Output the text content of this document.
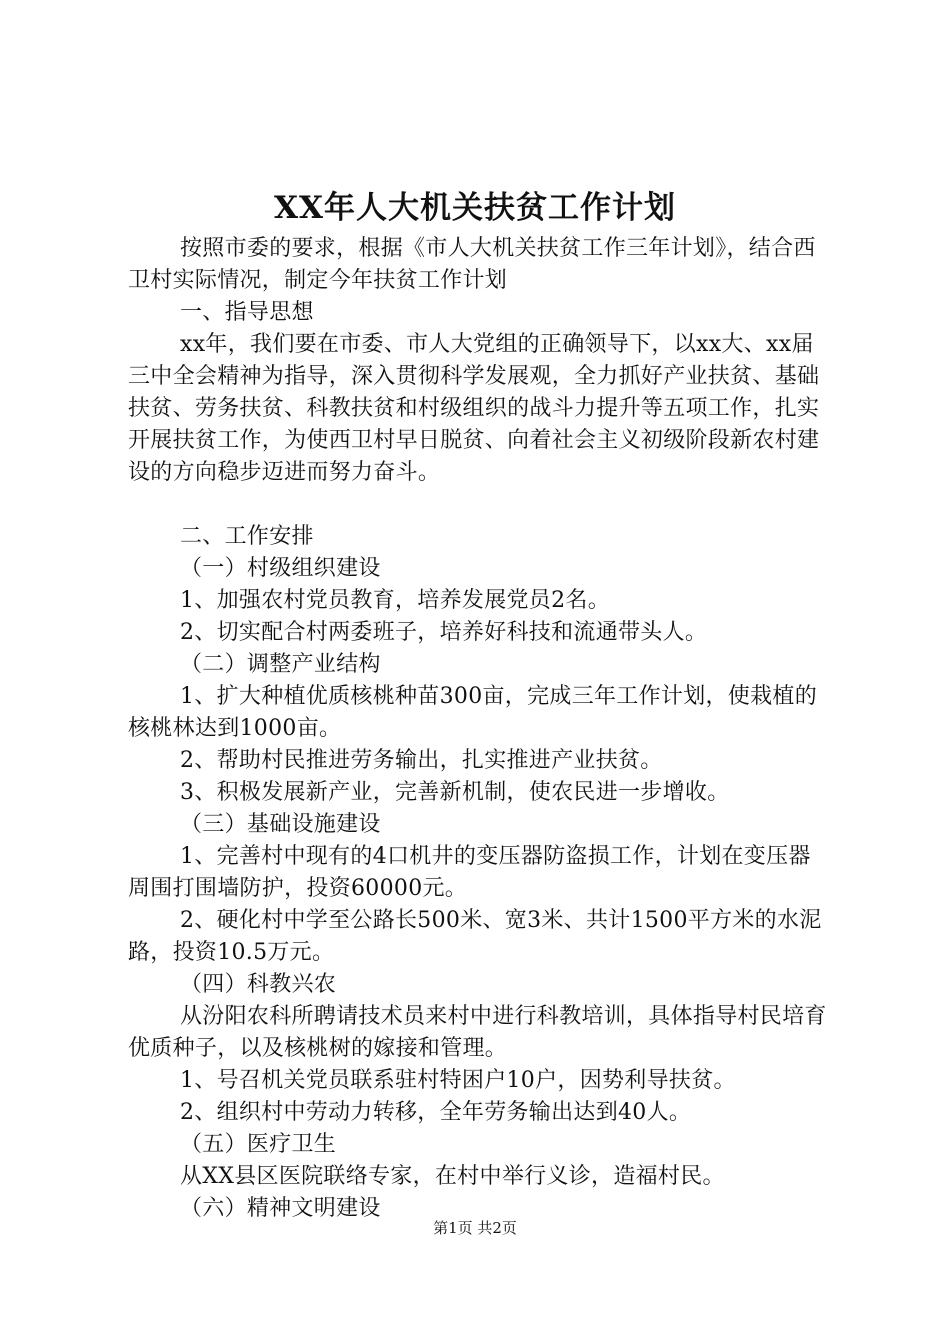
XX年人大机关扶贫工作计划

按照市委的要求，根据《市人大机关扶贫工作三年计划》，结合西卫村实际情况，制定今年扶贫工作计划

一、指导思想

xx年，我们要在市委、市人大党组的正确领导下，以xx大、xx届三中全会精神为指导，深入贯彻科学发展观，全力抓好产业扶贫、基础扶贫、劳务扶贫、科教扶贫和村级组织的战斗力提升等五项工作，扎实开展扶贫工作，为使西卫村早日脱贫、向着社会主义初级阶段新农村建设的方向稳步迈进而努力奋斗。

二、工作安排

（一）村级组织建设

1、加强农村党员教育，培养发展党员2名。

2、切实配合村两委班子，培养好科技和流通带头人。

（二）调整产业结构

1、扩大种植优质核桃种苗300亩，完成三年工作计划，使栽植的核桃林达到1000亩。

2、帮助村民推进劳务输出，扎实推进产业扶贫。

3、积极发展新产业，完善新机制，使农民进一步增收。

（三）基础设施建设

1、完善村中现有的4口机井的变压器防盗损工作，计划在变压器周围打围墙防护，投资60000元。

2、硬化村中学至公路长500米、宽3米、共计1500平方米的水泥路，投资10.5万元。

（四）科教兴农

从汾阳农科所聘请技术员来村中进行科教培训，具体指导村民培育优质种子，以及核桃树的嫁接和管理。

1、号召机关党员联系驻村特困户10户，因势利导扶贫。

2、组织村中劳动力转移，全年劳务输出达到40人。

（五）医疗卫生

从XX县区医院联络专家，在村中举行义诊，造福村民。

（六）精神文明建设

第1页 共2页
